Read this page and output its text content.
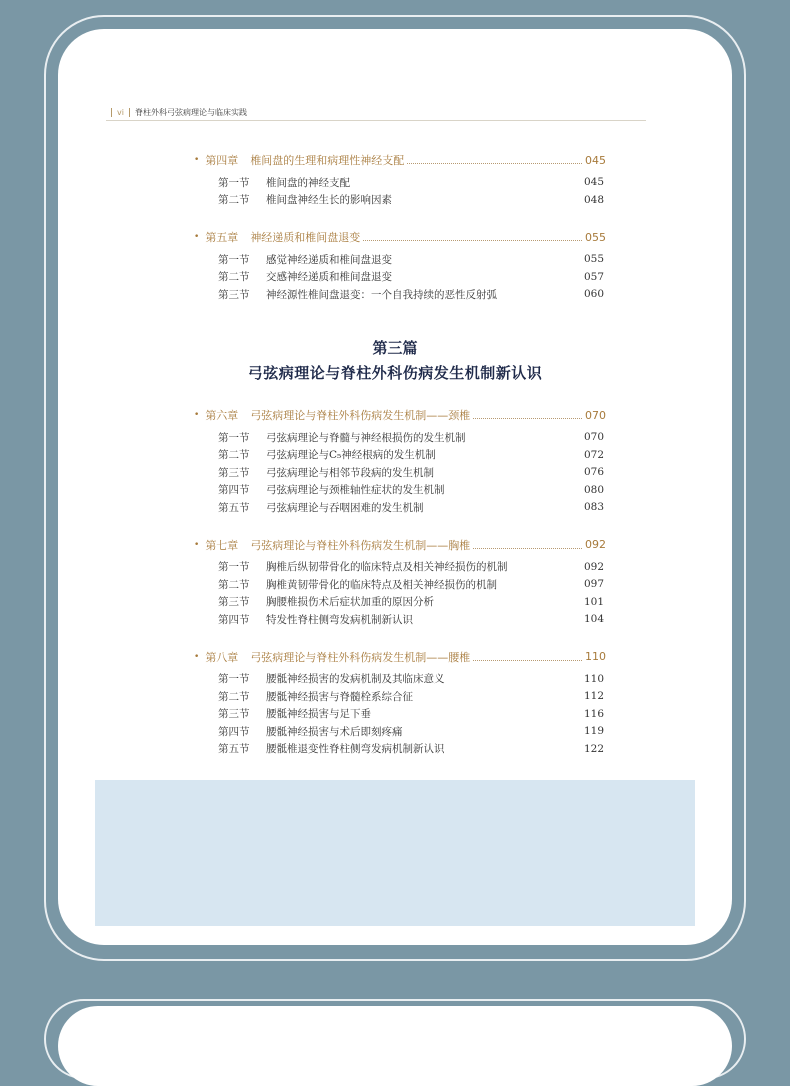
vi 脊柱外科弓弦病理论与临床实践
• 第四章 椎间盘的生理和病理性神经支配	045
第一节	椎间盘的神经支配	045
第二节	椎间盘神经生长的影响因素	048
• 第五章 神经递质和椎间盘退变	055
第一节	感觉神经递质和椎间盘退变	055
第二节	交感神经递质和椎间盘退变	057
第三节	神经源性椎间盘退变：一个自我持续的恶性反射弧	060
第三篇
弓弦病理论与脊柱外科伤病发生机制新认识
• 第六章 弓弦病理论与脊柱外科伤病发生机制——颈椎	070
第一节	弓弦病理论与脊髓与神经根损伤的发生机制	070
第二节	弓弦病理论与C₅神经根病的发生机制	072
第三节	弓弦病理论与相邻节段病的发生机制	076
第四节	弓弦病理论与颈椎轴性症状的发生机制	080
第五节	弓弦病理论与吞咽困难的发生机制	083
• 第七章 弓弦病理论与脊柱外科伤病发生机制——胸椎	092
第一节	胸椎后纵韧带骨化的临床特点及相关神经损伤的机制	092
第二节	胸椎黄韧带骨化的临床特点及相关神经损伤的机制	097
第三节	胸腰椎损伤术后症状加重的原因分析	101
第四节	特发性脊柱侧弯发病机制新认识	104
• 第八章 弓弦病理论与脊柱外科伤病发生机制——腰椎	110
第一节	腰骶神经损害的发病机制及其临床意义	110
第二节	腰骶神经损害与脊髓栓系综合征	112
第三节	腰骶神经损害与足下垂	116
第四节	腰骶神经损害与术后即刻疼痛	119
第五节	腰骶椎退变性脊柱侧弯发病机制新认识	122
